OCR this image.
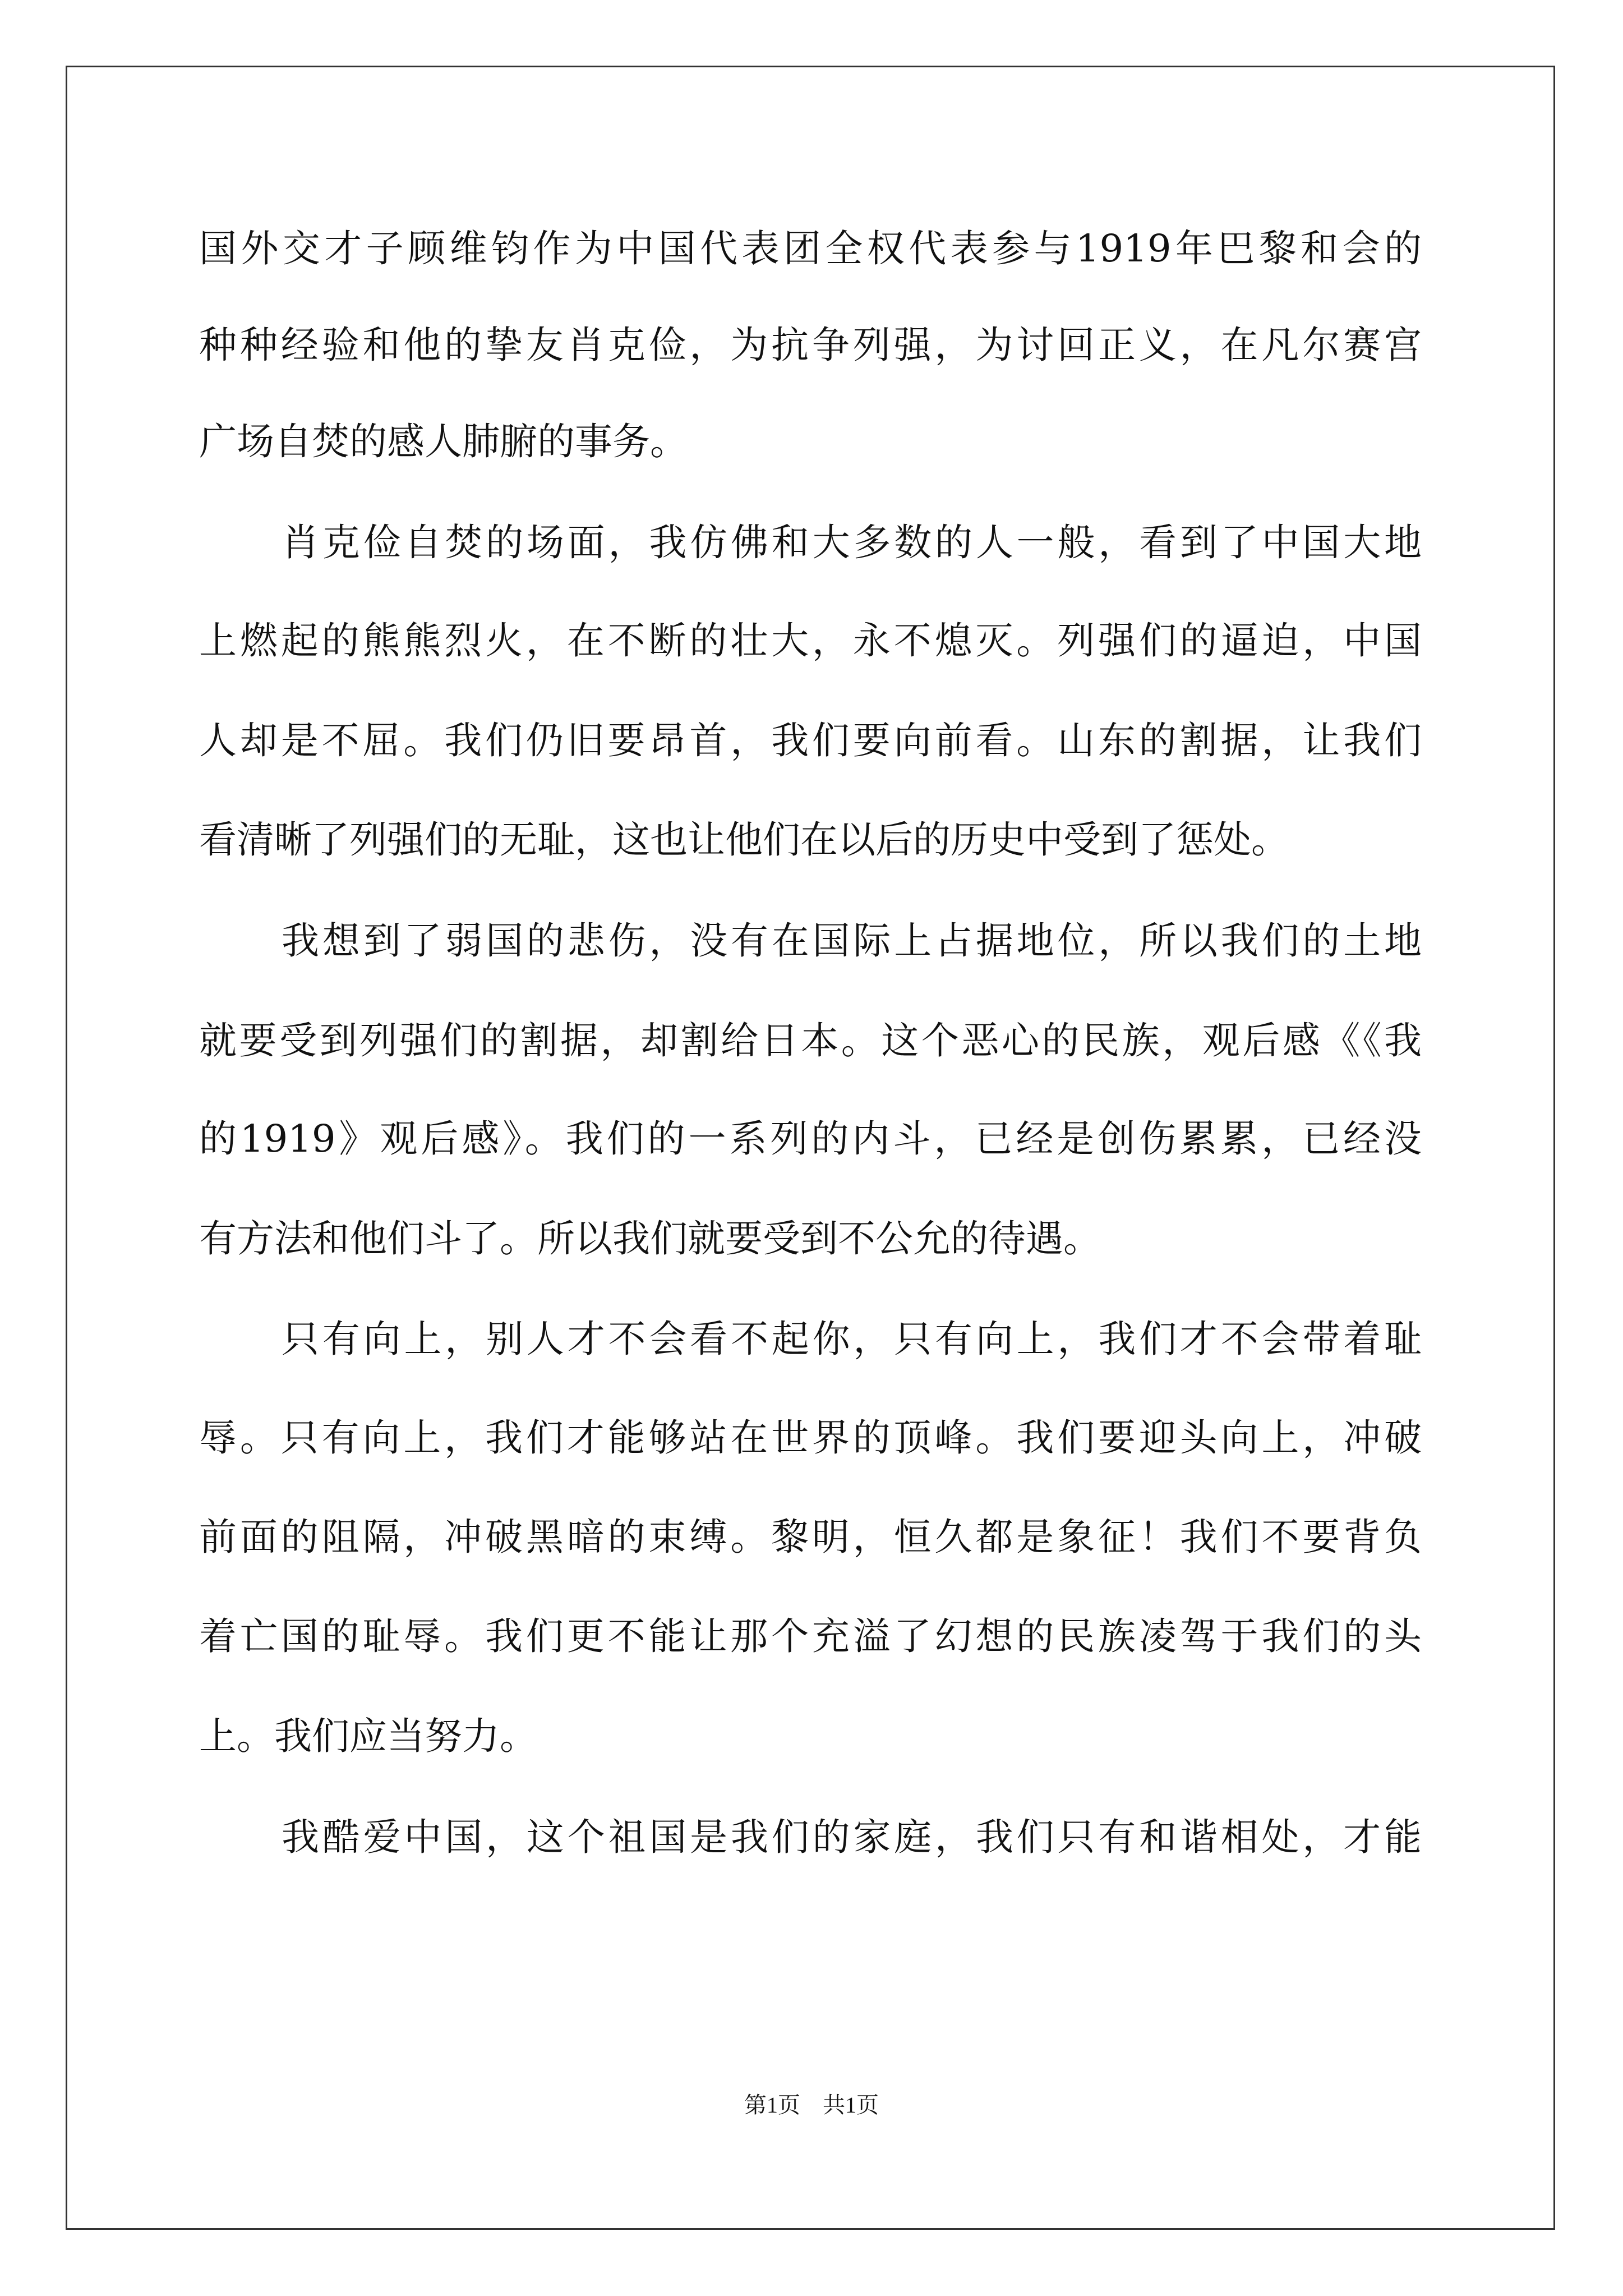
国外交才子顾维钧作为中国代表团全权代表参与1919年巴黎和会的
种种经验和他的挚友肖克俭，为抗争列强，为讨回正义，在凡尔赛宫
广场自焚的感人肺腑的事务。
肖克俭自焚的场面，我仿佛和大多数的人一般，看到了中国大地
上燃起的熊熊烈火，在不断的壮大，永不熄灭。列强们的逼迫，中国
人却是不屈。我们仍旧要昂首，我们要向前看。山东的割据，让我们
看清晰了列强们的无耻，这也让他们在以后的历史中受到了惩处。
我想到了弱国的悲伤，没有在国际上占据地位，所以我们的土地
就要受到列强们的割据，却割给日本。这个恶心的民族，观后感《《我
的1919》观后感》。我们的一系列的内斗，已经是创伤累累，已经没
有方法和他们斗了。所以我们就要受到不公允的待遇。
只有向上，别人才不会看不起你，只有向上，我们才不会带着耻
辱。只有向上，我们才能够站在世界的顶峰。我们要迎头向上，冲破
前面的阻隔，冲破黑暗的束缚。黎明，恒久都是象征！我们不要背负
着亡国的耻辱。我们更不能让那个充溢了幻想的民族凌驾于我们的头
上。我们应当努力。
我酷爱中国，这个祖国是我们的家庭，我们只有和谐相处，才能
第1页　共1页
